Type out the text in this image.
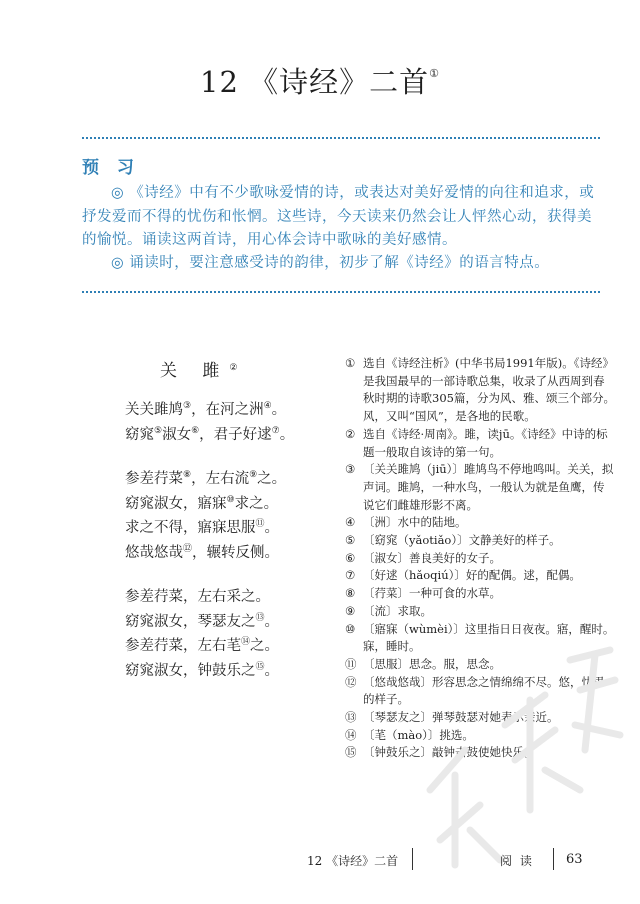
12 《诗经》二首①
预 习
◎ 《诗经》中有不少歌咏爱情的诗，或表达对美好爱情的向往和追求，或抒发爱而不得的忧伤和怅惘。这些诗，今天读来仍然会让人怦然心动，获得美的愉悦。诵读这两首诗，用心体会诗中歌咏的美好感情。
◎ 诵读时，要注意感受诗的韵律，初步了解《诗经》的语言特点。
关 雎②
关关雎鸠③，在河之洲④。
窈窕⑤淑女⑥，君子好逑⑦。
参差荇菜⑧，左右流⑨之。
窈窕淑女，寤寐⑩求之。
求之不得，寤寐思服⑪。
悠哉悠哉⑫，辗转反侧。
参差荇菜，左右采之。
窈窕淑女，琴瑟友之⑬。
参差荇菜，左右芼⑭之。
窈窕淑女，钟鼓乐之⑮。
① 选自《诗经注析》(中华书局1991年版)。《诗经》是我国最早的一部诗歌总集，收录了从西周到春秋时期的诗歌305篇，分为风、雅、颂三个部分。风，又叫“国风”，是各地的民歌。
② 选自《诗经·周南》。雎，读jū。《诗经》中诗的标题一般取自该诗的第一句。
③ 〔关关雎鸠（jiū）〕雎鸠鸟不停地鸣叫。关关，拟声词。雎鸠，一种水鸟，一般认为就是鱼鹰，传说它们雌雄形影不离。
④ 〔洲〕水中的陆地。
⑤ 〔窈窕（yǎotiǎo）〕文静美好的样子。
⑥ 〔淑女〕善良美好的女子。
⑦ 〔好逑（hǎoqiú）〕好的配偶。逑，配偶。
⑧ 〔荇菜〕一种可食的水草。
⑨ 〔流〕求取。
⑩ 〔寤寐（wùmèi）〕这里指日日夜夜。寤，醒时。寐，睡时。
⑪ 〔思服〕思念。服，思念。
⑫ 〔悠哉悠哉〕形容思念之情绵绵不尽。悠，忧思的样子。
⑬ 〔琴瑟友之〕弹琴鼓瑟对她表示亲近。
⑭ 〔芼（mào）〕挑选。
⑮ 〔钟鼓乐之〕敲钟击鼓使她快乐。
12 《诗经》二首	阅 读 63
